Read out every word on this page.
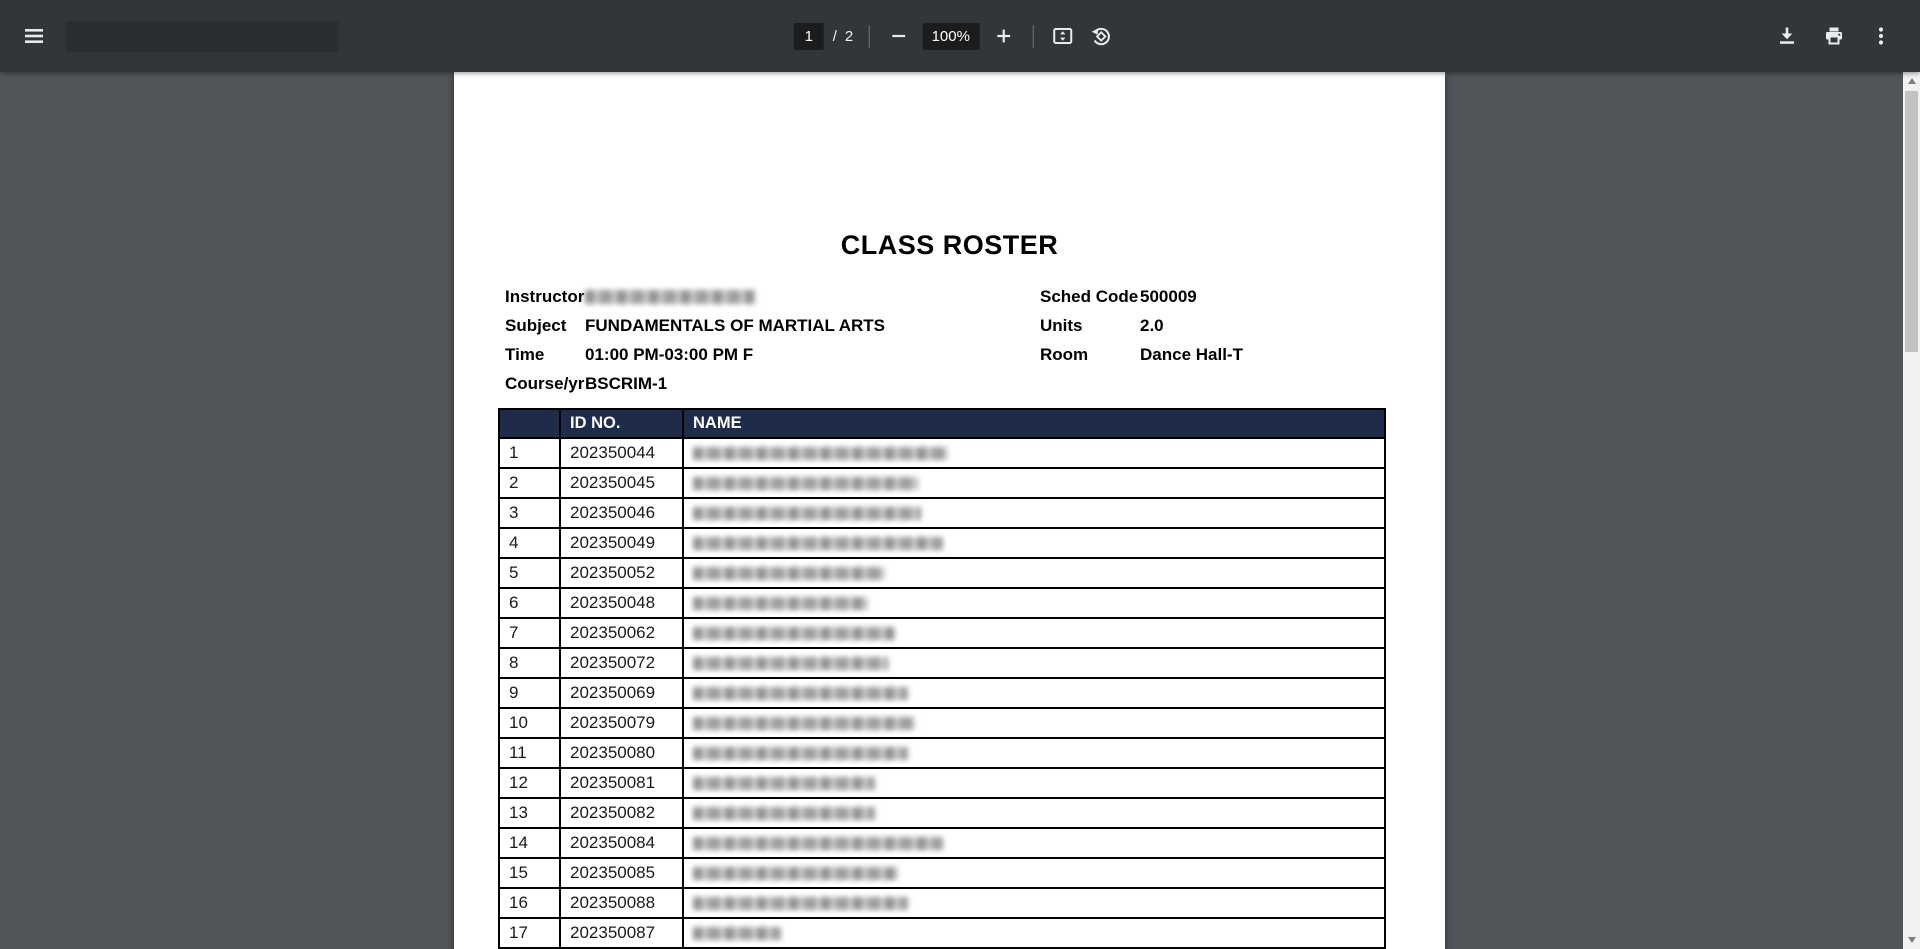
1	/ 2	100%
CLASS ROSTER
Instructor
Subject	FUNDAMENTALS OF MARTIAL ARTS
Time	01:00 PM-03:00 PM F
Course/yr BSCRIM-1
Sched Code 500009
Units	2.0
Room	Dance Hall-T
	ID NO.	NAME
1	202350044	

2	202350045	

3	202350046	

4	202350049	

5	202350052	

6	202350048	

7	202350062	

8	202350072	

9	202350069	

10	202350079	

11	202350080	

12	202350081	

13	202350082	

14	202350084	

15	202350085	

16	202350088	

17	202350087	
